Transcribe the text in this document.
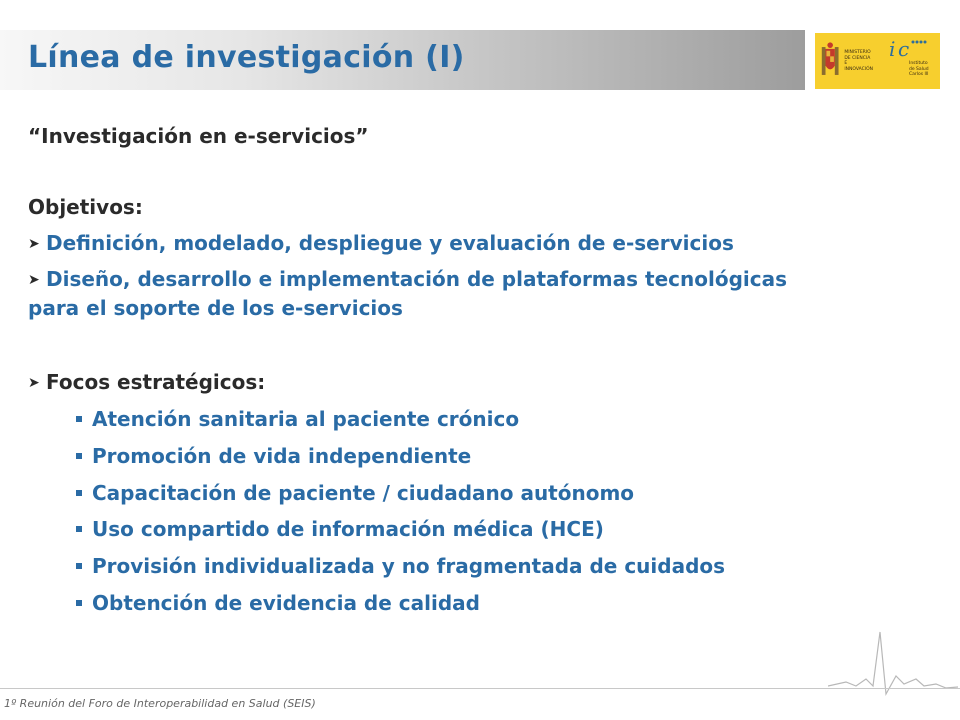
Línea de investigación (I)	MINISTERIO
DE CIENCIA
E INNOVACIÓN
i c
Instituto
de Salud
Carlos III
“Investigación en e-servicios”
Objetivos:
➤ Definición, modelado, despliegue y evaluación de e-servicios
➤ Diseño, desarrollo e implementación de plataformas tecnológicas
para el soporte de los e-servicios
➤ Focos estratégicos:
Atención sanitaria al paciente crónico
Promoción de vida independiente
Capacitación de paciente / ciudadano autónomo
Uso compartido de información médica (HCE)
Provisión individualizada y no fragmentada de cuidados
Obtención de evidencia de calidad
1º Reunión del Foro de Interoperabilidad en Salud (SEIS)
